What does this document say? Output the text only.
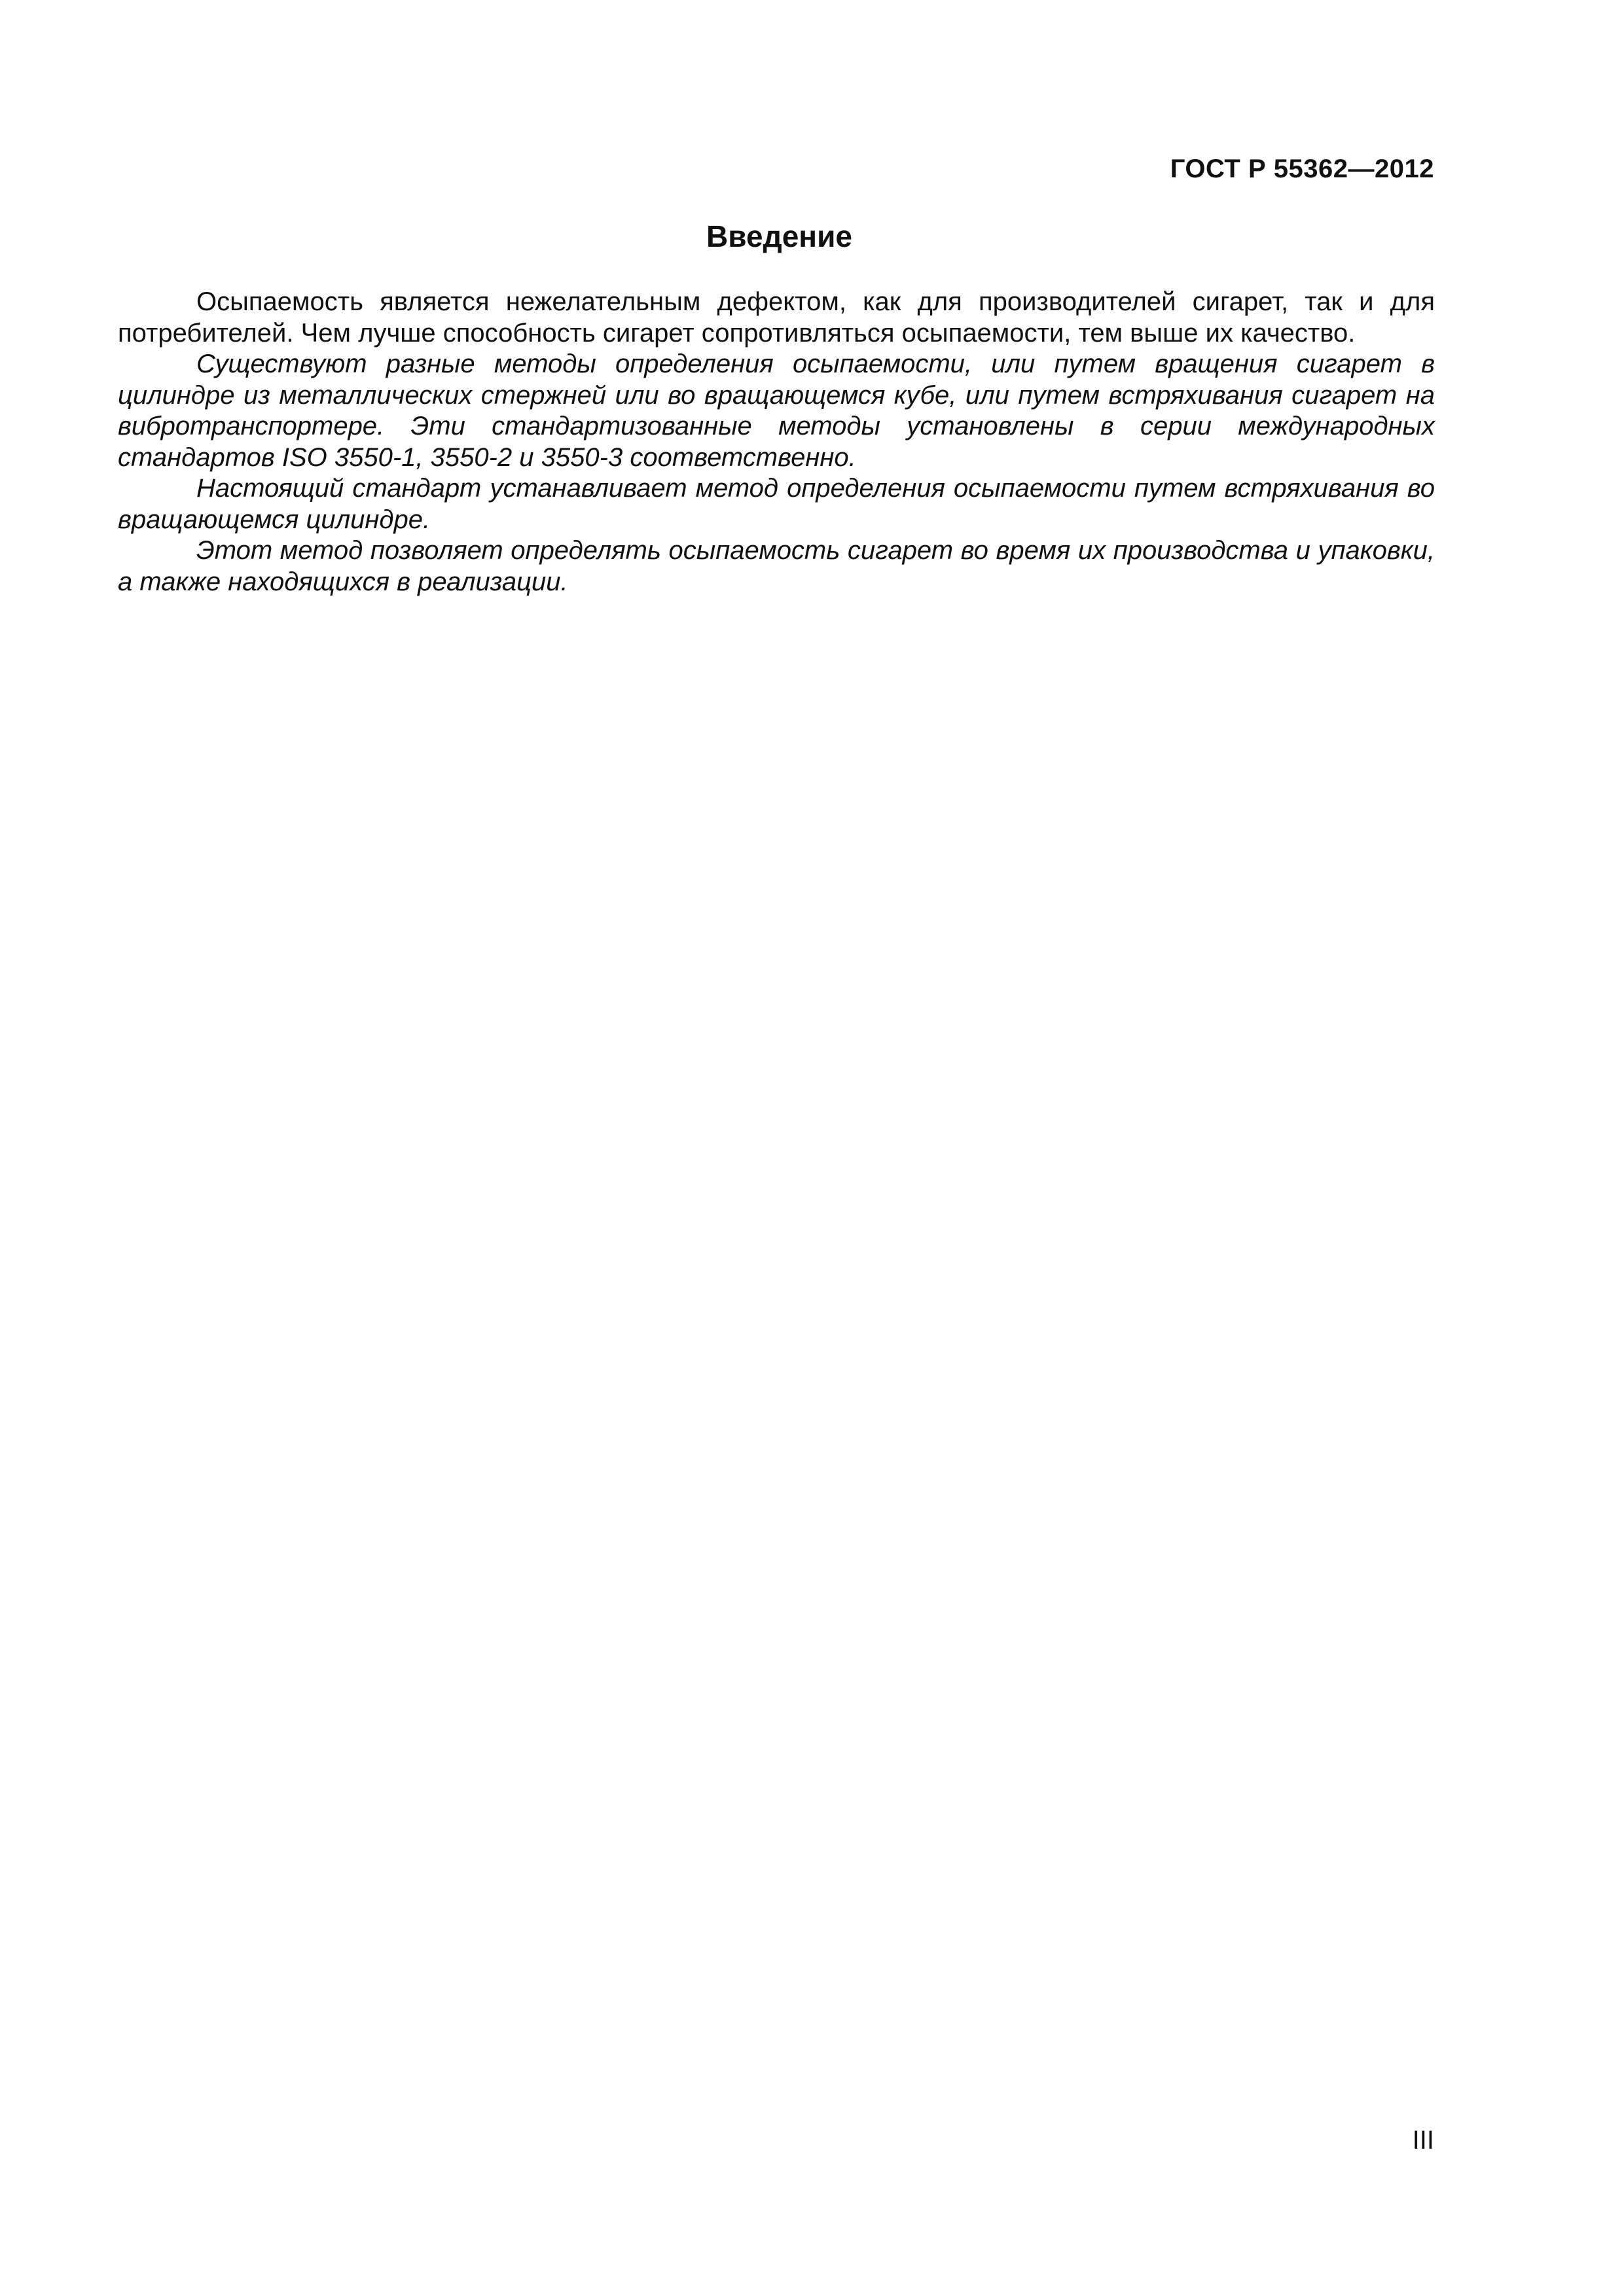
ГОСТ Р 55362—2012
Введение

Осыпаемость является нежелательным дефектом, как для производителей сигарет, так и для потребителей. Чем лучше способность сигарет сопротивляться осыпаемости, тем выше их качество.

Существуют разные методы определения осыпаемости, или путем вращения сигарет в цилиндре из металлических стержней или во вращающемся кубе, или путем встряхивания сигарет на вибротранспортере. Эти стандартизованные методы установлены в серии международных стандартов ISO 3550-1, 3550-2 и 3550-3 соответственно.

Настоящий стандарт устанавливает метод определения осыпаемости путем встряхивания во вращающемся цилиндре.

Этот метод позволяет определять осыпаемость сигарет во время их производства и упаковки, а также находящихся в реализации.

III
